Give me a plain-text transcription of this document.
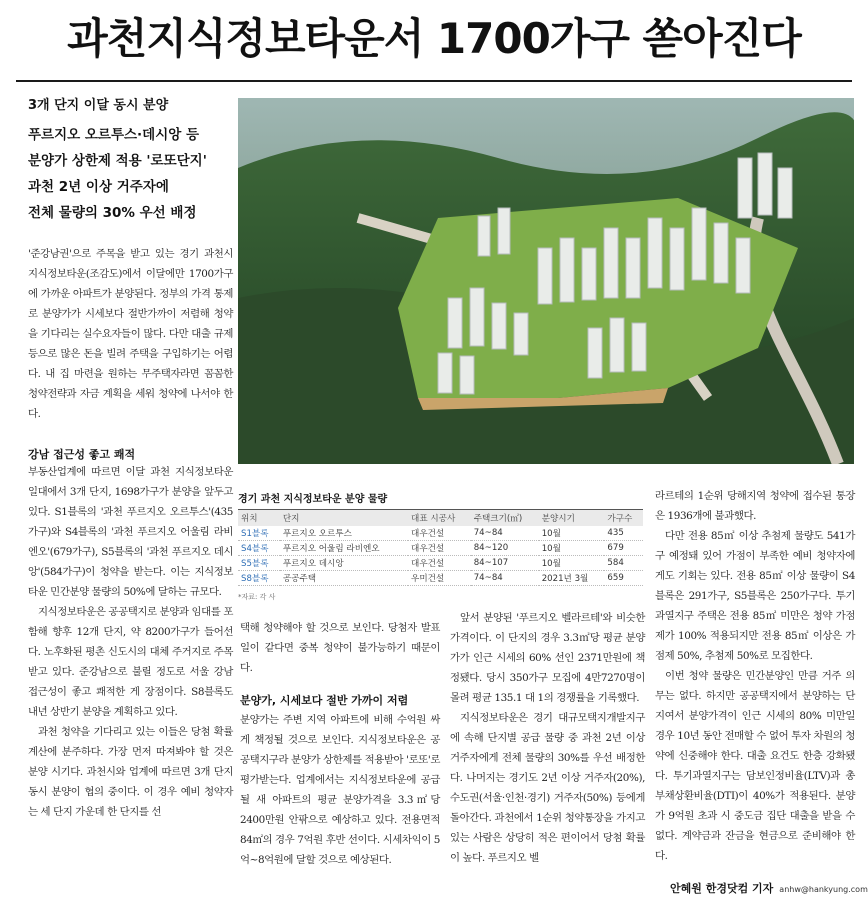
과천지식정보타운서 1700가구 쏟아진다
3개 단지 이달 동시 분양
푸르지오 오르투스·데시앙 등
분양가 상한제 적용 '로또단지'
과천 2년 이상 거주자에
전체 물량의 30% 우선 배정

'준강남권'으로 주목을 받고 있는 경기 과천시 지식정보타운(조감도)에서 이달에만 1700가구에 가까운 아파트가 분양된다. 정부의 가격 통제로 분양가가 시세보다 절반가까이 저렴해 청약을 기다리는 실수요자들이 많다. 다만 대출 규제 등으로 많은 돈을 빌려 주택을 구입하기는 어렵다. 내 집 마련을 원하는 무주택자라면 꼼꼼한 청약전략과 자금 계획을 세워 청약에 나서야 한다.

강남 접근성 좋고 쾌적

부동산업계에 따르면 이달 과천 지식정보타운 일대에서 3개 단지, 1698가구가 분양을 앞두고 있다. S1블록의 '과천 푸르지오 오르투스'(435가구)와 S4블록의 '과천 푸르지오 어울림 라비엔오'(679가구), S5블록의 '과천 푸르지오 데시앙'(584가구)이 청약을 받는다. 이는 지식정보타운 민간분양 물량의 50%에 달하는 규모다.

지식정보타운은 공공택지로 분양과 임대를 포함해 향후 12개 단지, 약 8200가구가 들어선다. 노후화된 평촌 신도시의 대체 주거지로 주목받고 있다. 준강남으로 불릴 정도로 서울 강남 접근성이 좋고 쾌적한 게 장점이다. S8블록도 내년 상반기 분양을 계획하고 있다.

과천 청약을 기다리고 있는 이들은 당첨 확률 계산에 분주하다. 가장 먼저 따져봐야 할 것은 분양 시기다. 과천시와 업계에 따르면 3개 단지 동시 분양이 협의 중이다. 이 경우 예비 청약자는 세 단지 가운데 한 단지를 선

경기 과천 지식정보타운 분양 물량
위치	단지	대표 시공사	주택크기(㎡)	분양시기	가구수
S1블록	푸르지오 오르투스	대우건설	74~84	10월	435
S4블록	푸르지오 어울림 라비엔오	대우건설	84~120	10월	679
S5블록	푸르지오 데시앙	대우건설	84~107	10월	584
S8블록	공공주택	우미건설	74~84	2021년 3월	659
*자료: 각 사

택해 청약해야 할 것으로 보인다. 당첨자 발표일이 같다면 중복 청약이 불가능하기 때문이다.

분양가, 시세보다 절반 가까이 저렴

분양가는 주변 지역 아파트에 비해 수억원 싸게 책정될 것으로 보인다. 지식정보타운은 공공택지구라 분양가 상한제를 적용받아 '로또'로 평가받는다. 업계에서는 지식정보타운에 공급될 새 아파트의 평균 분양가격을 3.3㎡당 2400만원 안팎으로 예상하고 있다. 전용면적 84㎡의 경우 7억원 후반 선이다. 시세차익이 5억~8억원에 달할 것으로 예상된다.

앞서 분양된 '푸르지오 벨라르테'와 비슷한 가격이다. 이 단지의 경우 3.3㎡당 평균 분양가가 인근 시세의 60% 선인 2371만원에 책정됐다. 당시 350가구 모집에 4만7270명이 몰려 평균 135.1 대 1의 경쟁률을 기록했다.

지식정보타운은 경기 대규모택지개발지구에 속해 단지별 공급 물량 중 과천 2년 이상 거주자에게 전체 물량의 30%를 우선 배정한다. 나머지는 경기도 2년 이상 거주자(20%), 수도권(서울·인천·경기) 거주자(50%) 등에게 돌아간다. 과천에서 1순위 청약통장을 가지고 있는 사람은 상당히 적은 편이어서 당첨 확률이 높다. 푸르지오 벨

라르테의 1순위 당해지역 청약에 접수된 통장은 1936개에 불과했다.

다만 전용 85㎡ 이상 추첨제 물량도 541가구 예정돼 있어 가점이 부족한 예비 청약자에게도 기회는 있다. 전용 85㎡ 이상 물량이 S4블록은 291가구, S5블록은 250가구다. 투기과열지구 주택은 전용 85㎡ 미만은 청약 가점제가 100% 적용되지만 전용 85㎡ 이상은 가점제 50%, 추첨제 50%로 모집한다.

이번 청약 물량은 민간분양인 만큼 거주 의무는 없다. 하지만 공공택지에서 분양하는 단지여서 분양가격이 인근 시세의 80% 미만일 경우 10년 동안 전매할 수 없어 투자 차원의 청약에 신중해야 한다. 대출 요건도 한층 강화됐다. 투기과열지구는 담보인정비율(LTV)과 총부채상환비율(DTI)이 40%가 적용된다. 분양가 9억원 초과 시 중도금 집단 대출을 받을 수 없다. 계약금과 잔금을 현금으로 준비해야 한다.

안혜원 한경닷컴 기자 anhw@hankyung.com
